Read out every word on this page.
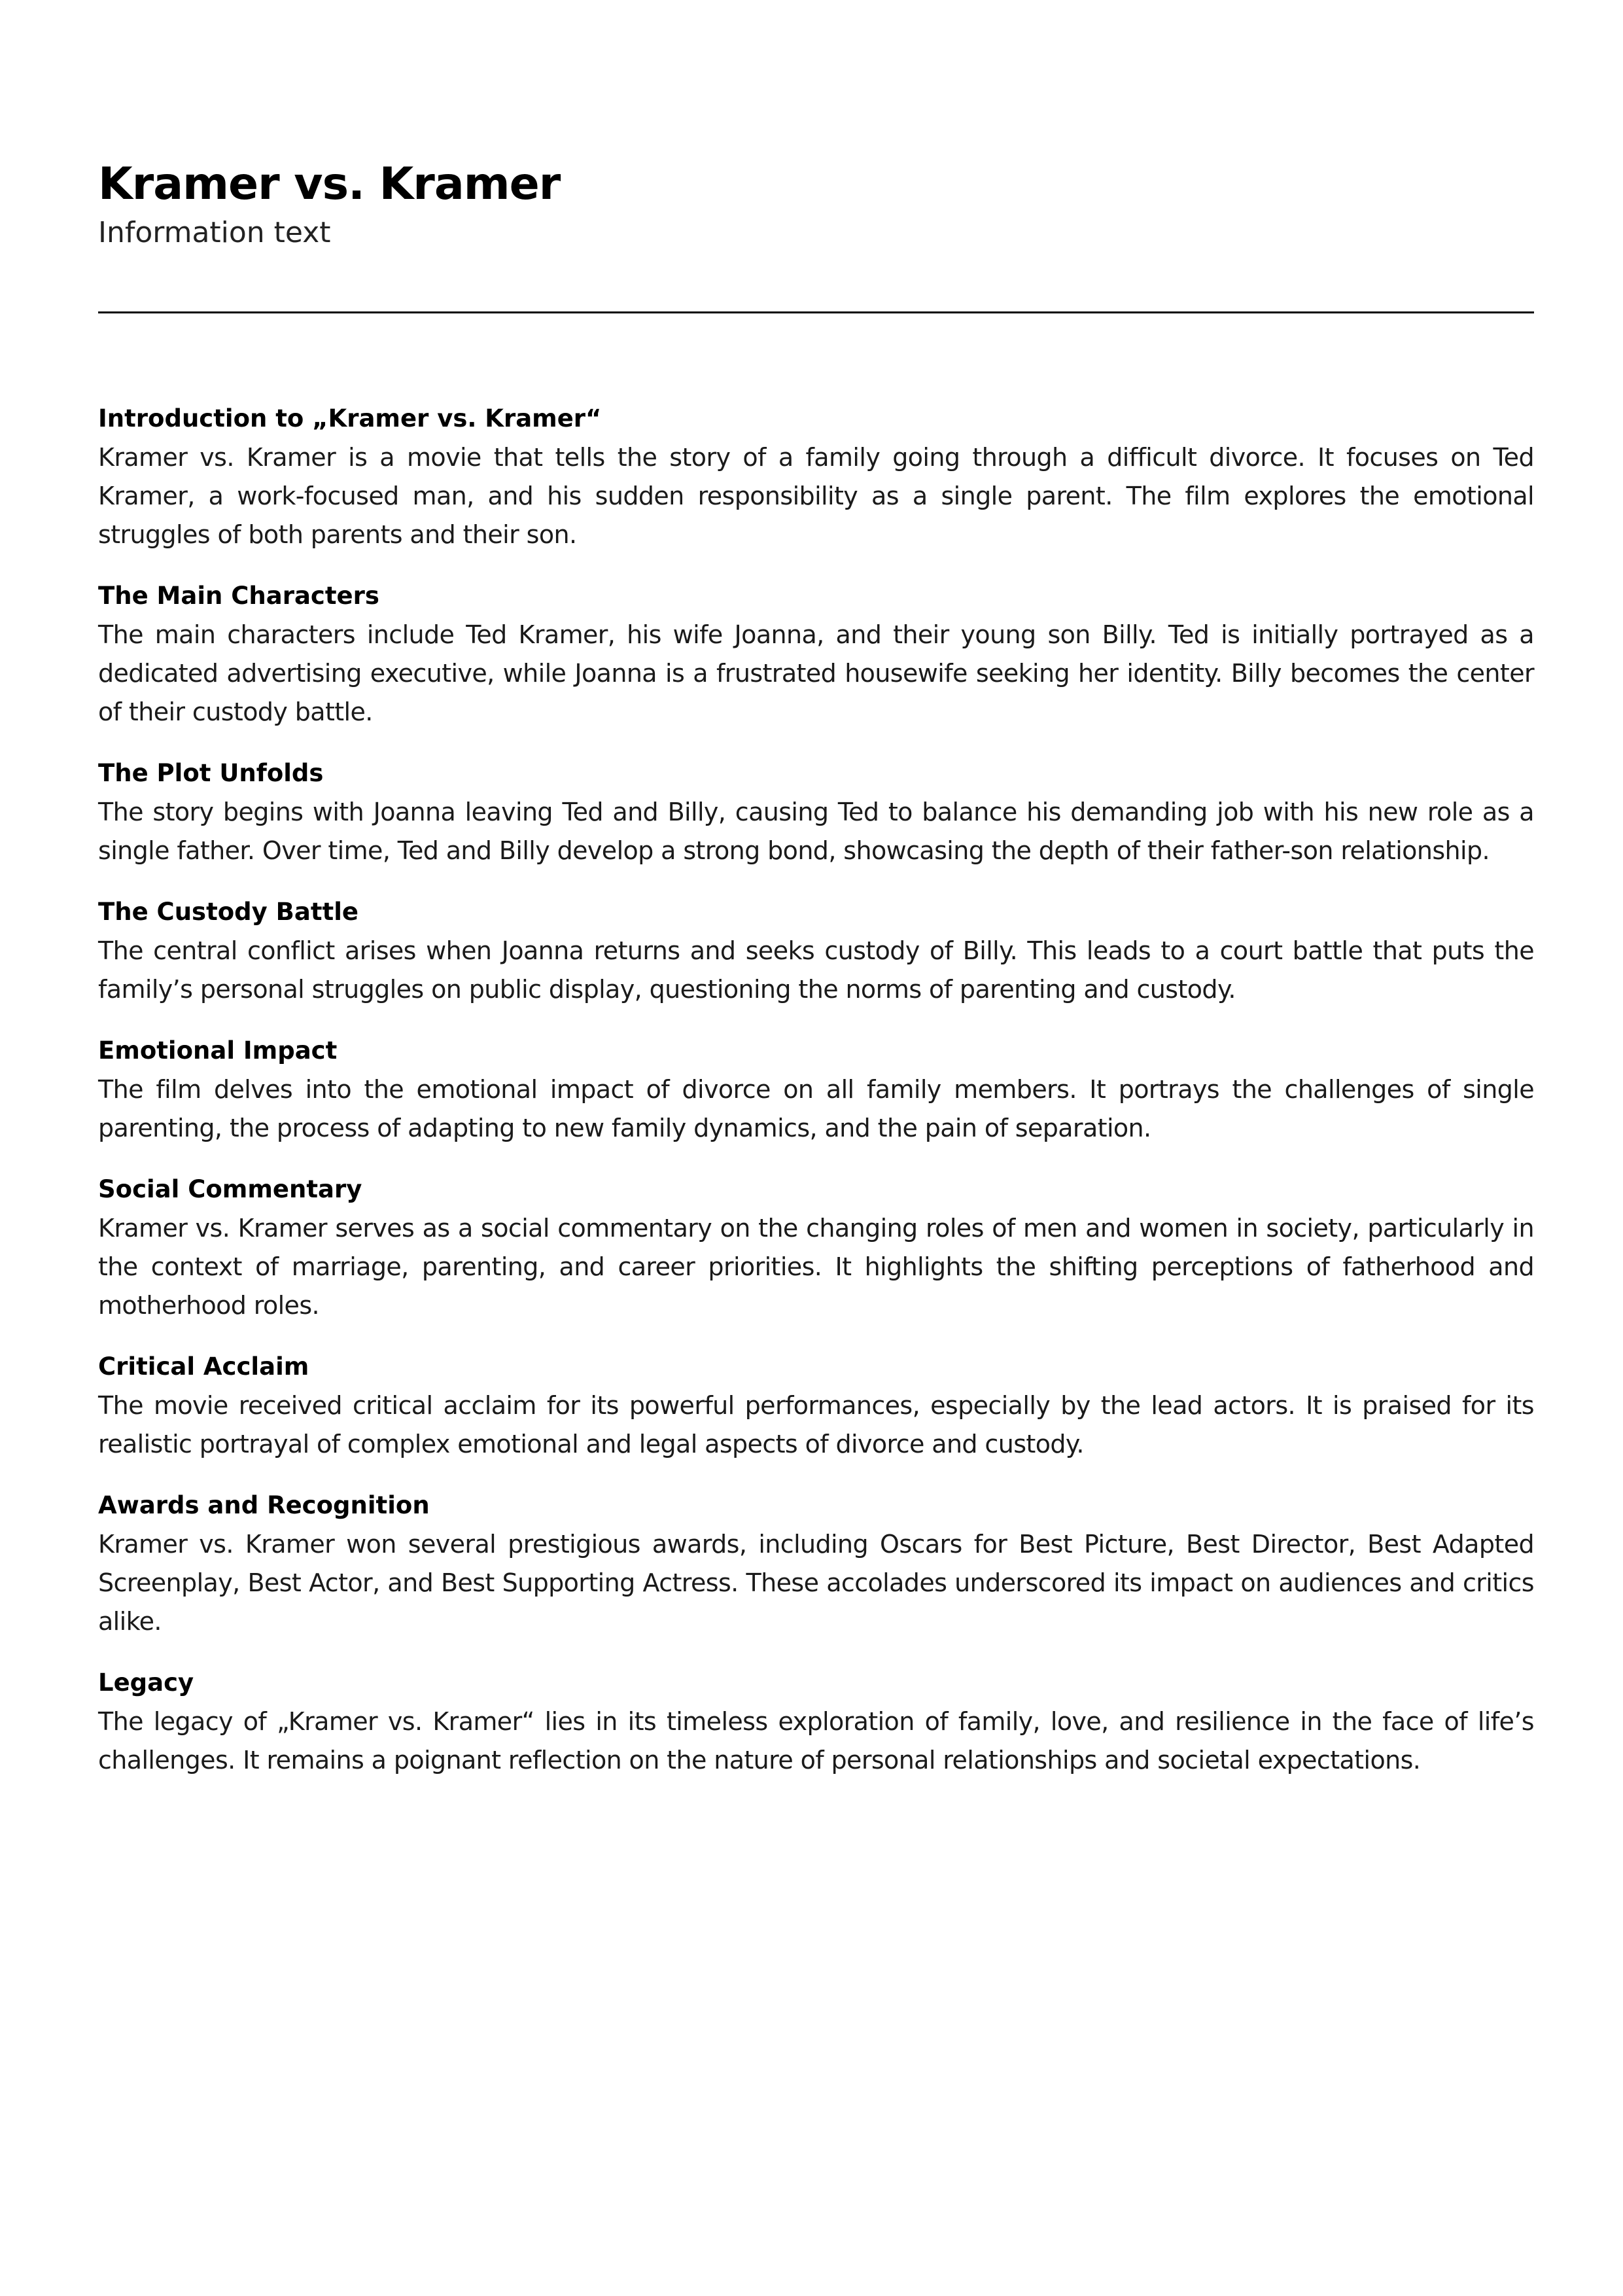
Kramer vs. Kramer

Information text

Introduction to „Kramer vs. Kramer“

Kramer vs. Kramer is a movie that tells the story of a family going through a difficult divorce. It focuses on Ted Kramer, a work-focused man, and his sudden responsibility as a single parent. The film explores the emotional struggles of both parents and their son.

The Main Characters

The main characters include Ted Kramer, his wife Joanna, and their young son Billy. Ted is initially portrayed as a dedicated advertising executive, while Joanna is a frustrated housewife seeking her identity. Billy becomes the center of their custody battle.

The Plot Unfolds

The story begins with Joanna leaving Ted and Billy, causing Ted to balance his demanding job with his new role as a single father. Over time, Ted and Billy develop a strong bond, showcasing the depth of their father-son relationship.

The Custody Battle

The central conflict arises when Joanna returns and seeks custody of Billy. This leads to a court battle that puts the family’s personal struggles on public display, questioning the norms of parenting and custody.

Emotional Impact

The film delves into the emotional impact of divorce on all family members. It portrays the challenges of single parenting, the process of adapting to new family dynamics, and the pain of separation.

Social Commentary

Kramer vs. Kramer serves as a social commentary on the changing roles of men and women in society, particularly in the context of marriage, parenting, and career priorities. It highlights the shifting perceptions of fatherhood and motherhood roles.

Critical Acclaim

The movie received critical acclaim for its powerful performances, especially by the lead actors. It is praised for its realistic portrayal of complex emotional and legal aspects of divorce and custody.

Awards and Recognition

Kramer vs. Kramer won several prestigious awards, including Oscars for Best Picture, Best Director, Best Adapted Screenplay, Best Actor, and Best Supporting Actress. These accolades underscored its impact on audiences and critics alike.

Legacy

The legacy of „Kramer vs. Kramer“ lies in its timeless exploration of family, love, and resilience in the face of life’s challenges. It remains a poignant reflection on the nature of personal relationships and societal expectations.
